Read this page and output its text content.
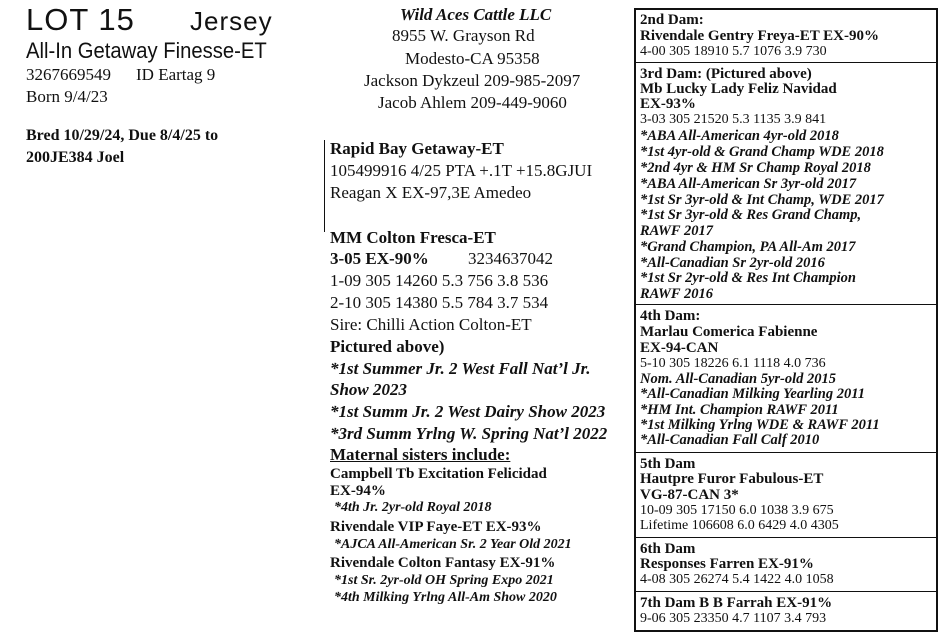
LOT 15 Jersey
All-In Getaway Finesse-ET
3267669549 ID Eartag 9
Born 9/4/23
Bred 10/29/24, Due 8/4/25 to
200JE384 Joel
Wild Aces Cattle LLC
8955 W. Grayson Rd
Modesto-CA 95358
Jackson Dykzeul 209-985-2097
Jacob Ahlem 209-449-9060
Rapid Bay Getaway-ET
105499916 4/25 PTA +.1T +15.8GJUI
Reagan X EX-97,3E Amedeo
MM Colton Fresca-ET
3-05 EX-90% 3234637042
1-09 305 14260 5.3 756 3.8 536
2-10 305 14380 5.5 784 3.7 534
Sire: Chilli Action Colton-ET
Pictured above)
*1st Summer Jr. 2 West Fall Nat’l Jr.
Show 2023
*1st Summ Jr. 2 West Dairy Show 2023
*3rd Summ Yrlng W. Spring Nat’l 2022
Maternal sisters include:
Campbell Tb Excitation Felicidad
EX-94%
*4th Jr. 2yr-old Royal 2018
Rivendale VIP Faye-ET EX-93%
*AJCA All-American Sr. 2 Year Old 2021
Rivendale Colton Fantasy EX-91%
*1st Sr. 2yr-old OH Spring Expo 2021
*4th Milking Yrlng All-Am Show 2020
2nd Dam:
Rivendale Gentry Freya-ET EX-90%
4-00 305 18910 5.7 1076 3.9 730
3rd Dam: (Pictured above)
Mb Lucky Lady Feliz Navidad
EX-93%
3-03 305 21520 5.3 1135 3.9 841
*ABA All-American 4yr-old 2018
*1st 4yr-old & Grand Champ WDE 2018
*2nd 4yr & HM Sr Champ Royal 2018
*ABA All-American Sr 3yr-old 2017
*1st Sr 3yr-old & Int Champ, WDE 2017
*1st Sr 3yr-old & Res Grand Champ,
RAWF 2017
*Grand Champion, PA All-Am 2017
*All-Canadian Sr 2yr-old 2016
*1st Sr 2yr-old & Res Int Champion
RAWF 2016
4th Dam:
Marlau Comerica Fabienne
EX-94-CAN
5-10 305 18226 6.1 1118 4.0 736
Nom. All-Canadian 5yr-old 2015
*All-Canadian Milking Yearling 2011
*HM Int. Champion RAWF 2011
*1st Milking Yrlng WDE & RAWF 2011
*All-Canadian Fall Calf 2010
5th Dam
Hautpre Furor Fabulous-ET
VG-87-CAN 3*
10-09 305 17150 6.0 1038 3.9 675
Lifetime 106608 6.0 6429 4.0 4305
6th Dam
Responses Farren EX-91%
4-08 305 26274 5.4 1422 4.0 1058
7th Dam B B Farrah EX-91%
9-06 305 23350 4.7 1107 3.4 793
